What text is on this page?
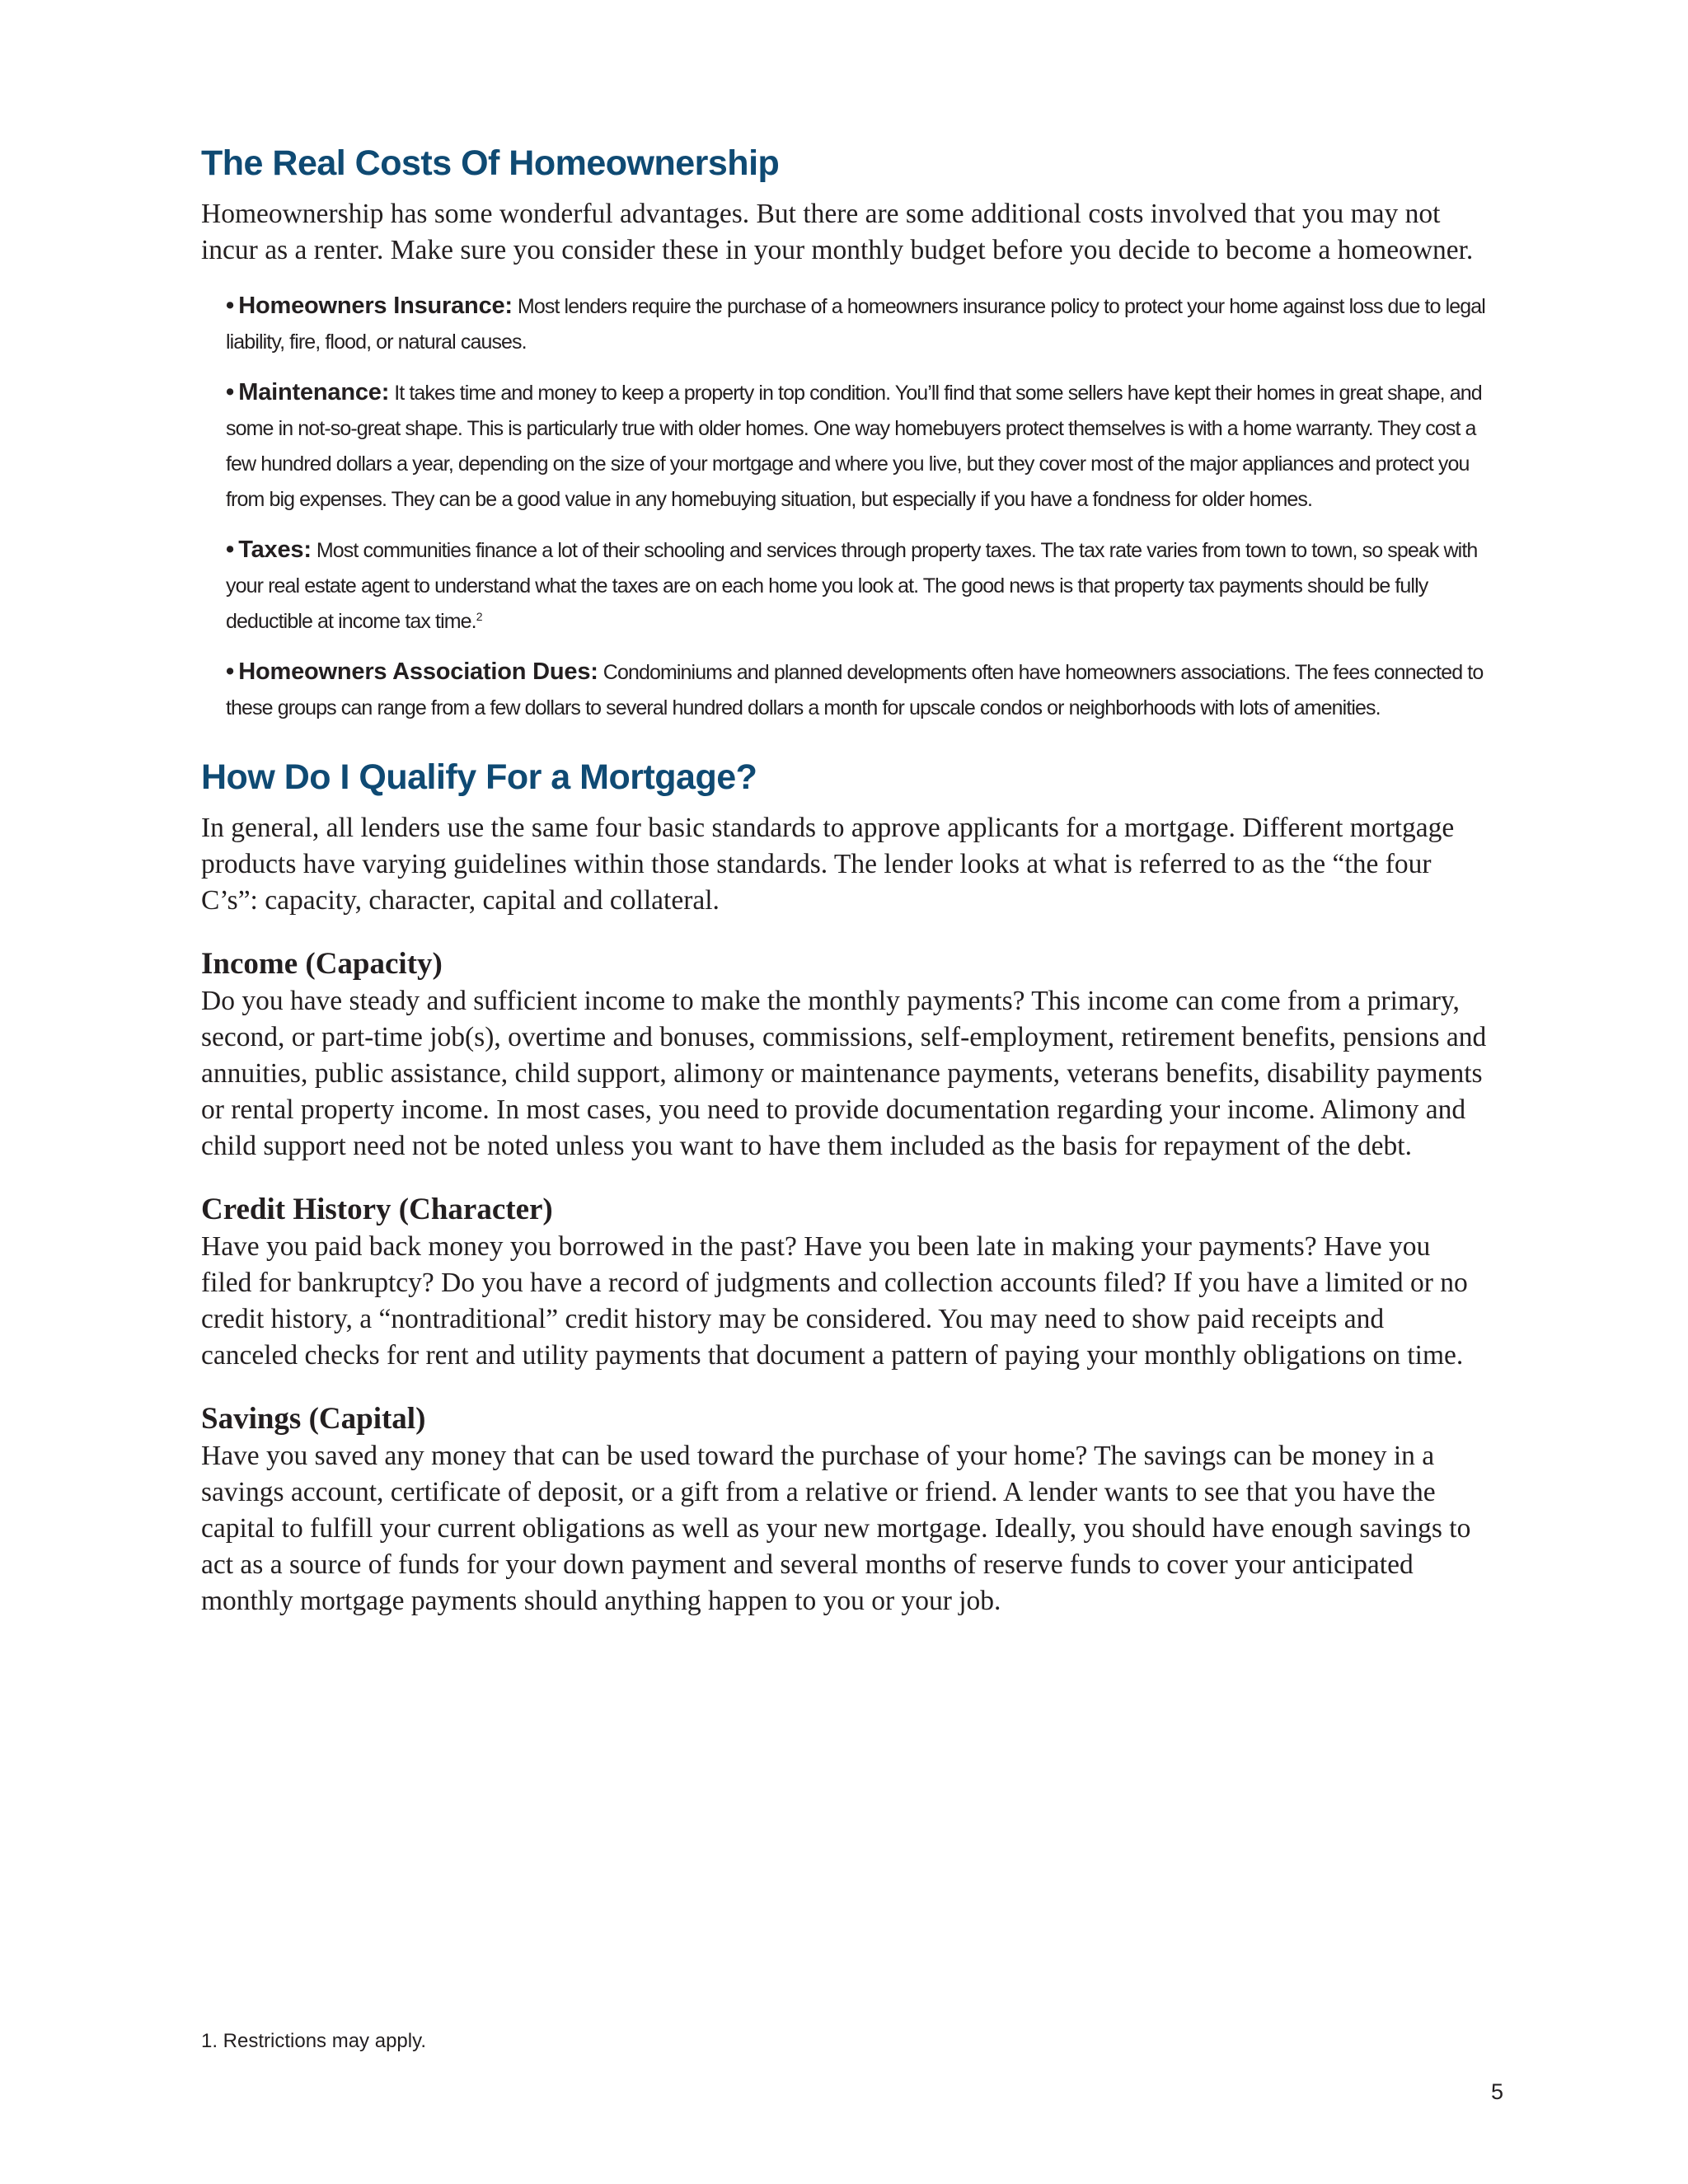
The Real Costs Of Homeownership

Homeownership has some wonderful advantages. But there are some additional costs involved that you may not incur as a renter. Make sure you consider these in your monthly budget before you decide to become a homeowner.

• Homeowners Insurance: Most lenders require the purchase of a homeowners insurance policy to protect your home against loss due to legal liability, fire, flood, or natural causes.
• Maintenance: It takes time and money to keep a property in top condition. You’ll find that some sellers have kept their homes in great shape, and some in not-so-great shape. This is particularly true with older homes. One way homebuyers protect themselves is with a home warranty. They cost a few hundred dollars a year, depending on the size of your mortgage and where you live, but they cover most of the major appliances and protect you from big expenses. They can be a good value in any homebuying situation, but especially if you have a fondness for older homes.
• Taxes: Most communities finance a lot of their schooling and services through property taxes. The tax rate varies from town to town, so speak with your real estate agent to understand what the taxes are on each home you look at. The good news is that property tax payments should be fully deductible at income tax time.$^2$
• Homeowners Association Dues: Condominiums and planned developments often have homeowners associations. The fees connected to these groups can range from a few dollars to several hundred dollars a month for upscale condos or neighborhoods with lots of amenities.
How Do I Qualify For a Mortgage?

In general, all lenders use the same four basic standards to approve applicants for a mortgage. Different mortgage products have varying guidelines within those standards. The lender looks at what is referred to as the “the four C’s”: capacity, character, capital and collateral.

Income (Capacity)

Do you have steady and sufficient income to make the monthly payments? This income can come from a primary, second, or part-time job(s), overtime and bonuses, commissions, self-employment, retirement benefits, pensions and annuities, public assistance, child support, alimony or maintenance payments, veterans benefits, disability payments or rental property income. In most cases, you need to provide documentation regarding your income. Alimony and child support need not be noted unless you want to have them included as the basis for repayment of the debt.

Credit History (Character)

Have you paid back money you borrowed in the past? Have you been late in making your payments? Have you filed for bankruptcy? Do you have a record of judgments and collection accounts filed? If you have a limited or no credit history, a “nontraditional” credit history may be considered. You may need to show paid receipts and canceled checks for rent and utility payments that document a pattern of paying your monthly obligations on time.

Savings (Capital)

Have you saved any money that can be used toward the purchase of your home? The savings can be money in a savings account, certificate of deposit, or a gift from a relative or friend. A lender wants to see that you have the capital to fulfill your current obligations as well as your new mortgage. Ideally, you should have enough savings to act as a source of funds for your down payment and several months of reserve funds to cover your anticipated monthly mortgage payments should anything happen to you or your job.

1. Restrictions may apply.

5
